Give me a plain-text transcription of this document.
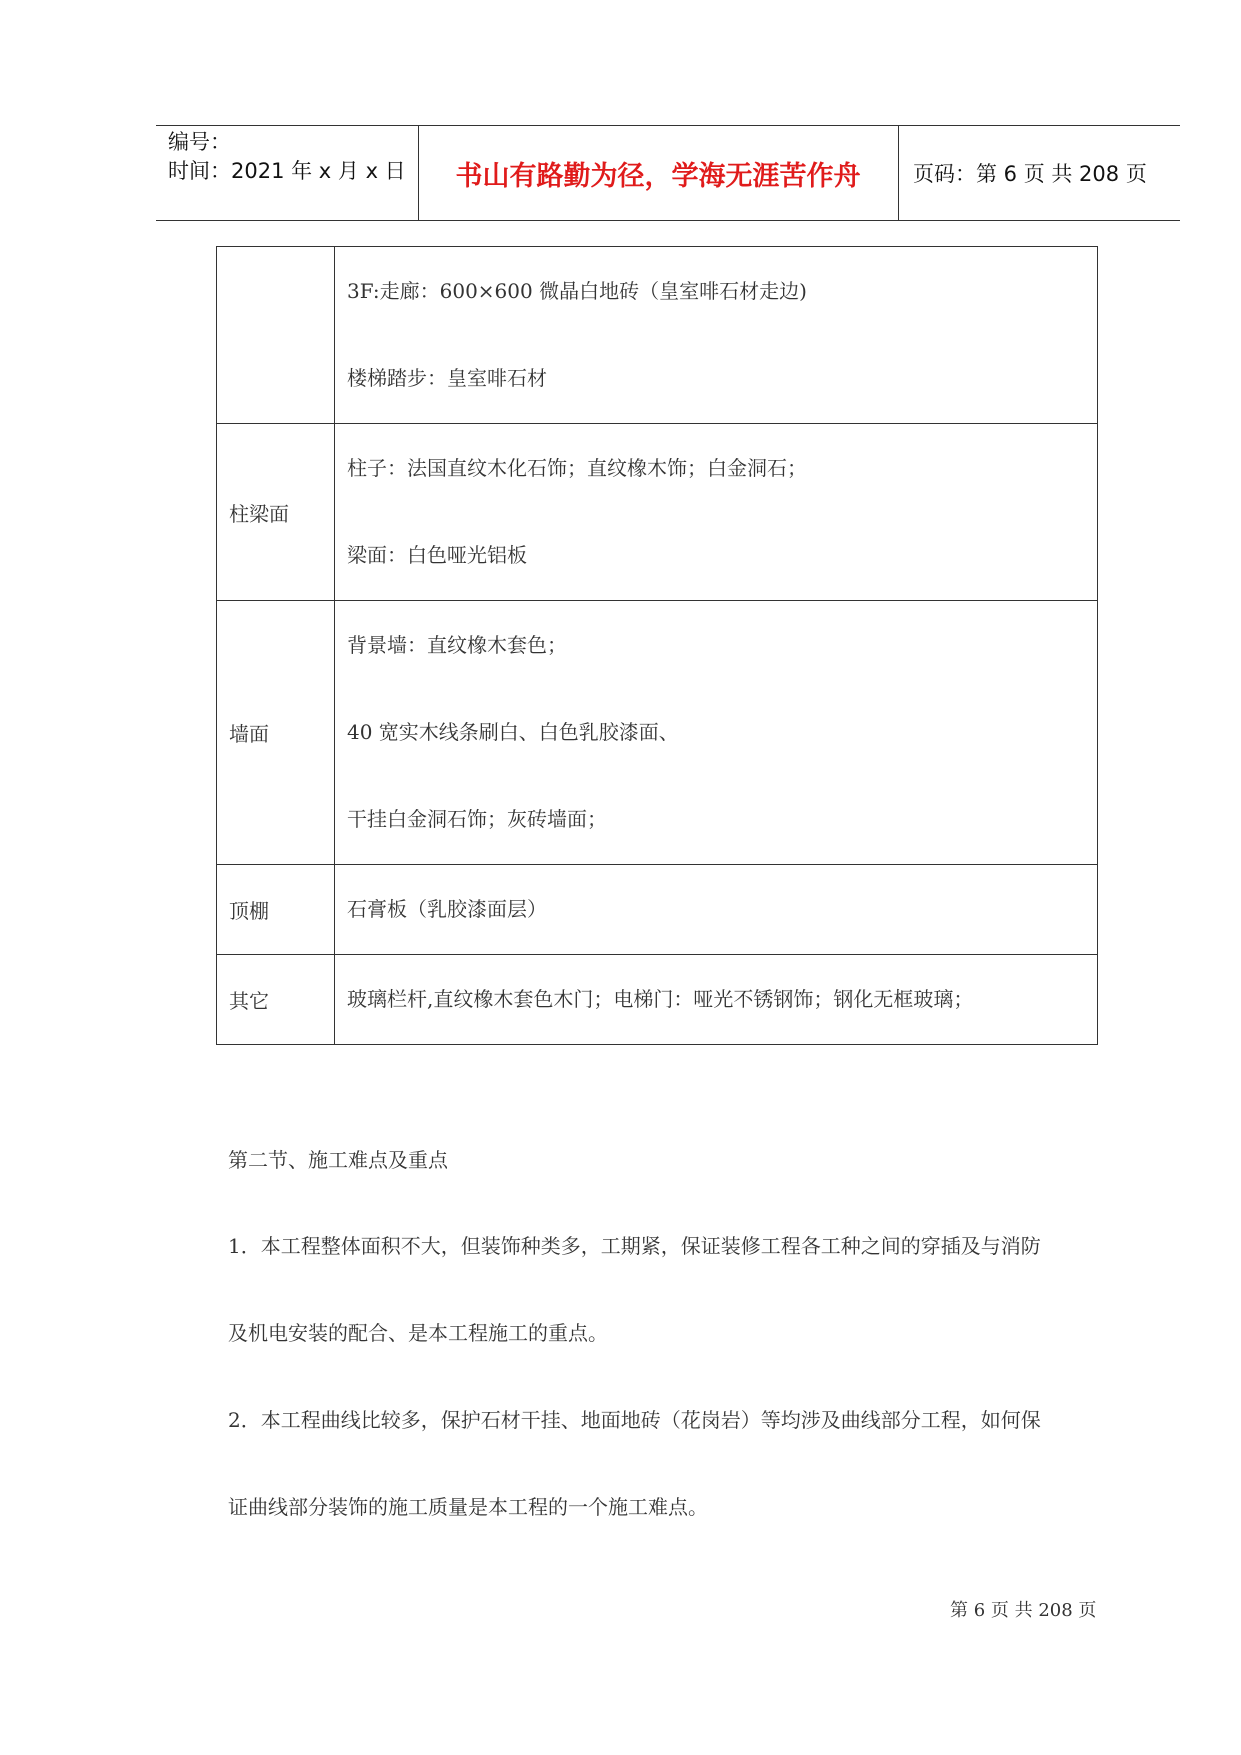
编号：
时间：2021 年 x 月 x 日	书山有路勤为径，学海无涯苦作舟	页码：第 6 页 共 208 页

	3F:走廊：600×600 微晶白地砖（皇室啡石材走边)
楼梯踏步：皇室啡石材

柱梁面	柱子：法国直纹木化石饰；直纹橡木饰；白金洞石；
梁面：白色哑光铝板

墙面	背景墙：直纹橡木套色；
40 宽实木线条刷白、白色乳胶漆面、
干挂白金洞石饰；灰砖墙面；

顶棚	石膏板（乳胶漆面层）

其它	玻璃栏杆,直纹橡木套色木门；电梯门：哑光不锈钢饰；钢化无框玻璃；
第二节、施工难点及重点
1．本工程整体面积不大，但装饰种类多，工期紧，保证装修工程各工种之间的穿插及与消防
及机电安装的配合、是本工程施工的重点。
2．本工程曲线比较多，保护石材干挂、地面地砖（花岗岩）等均涉及曲线部分工程，如何保
证曲线部分装饰的施工质量是本工程的一个施工难点。
第 6 页 共 208 页
